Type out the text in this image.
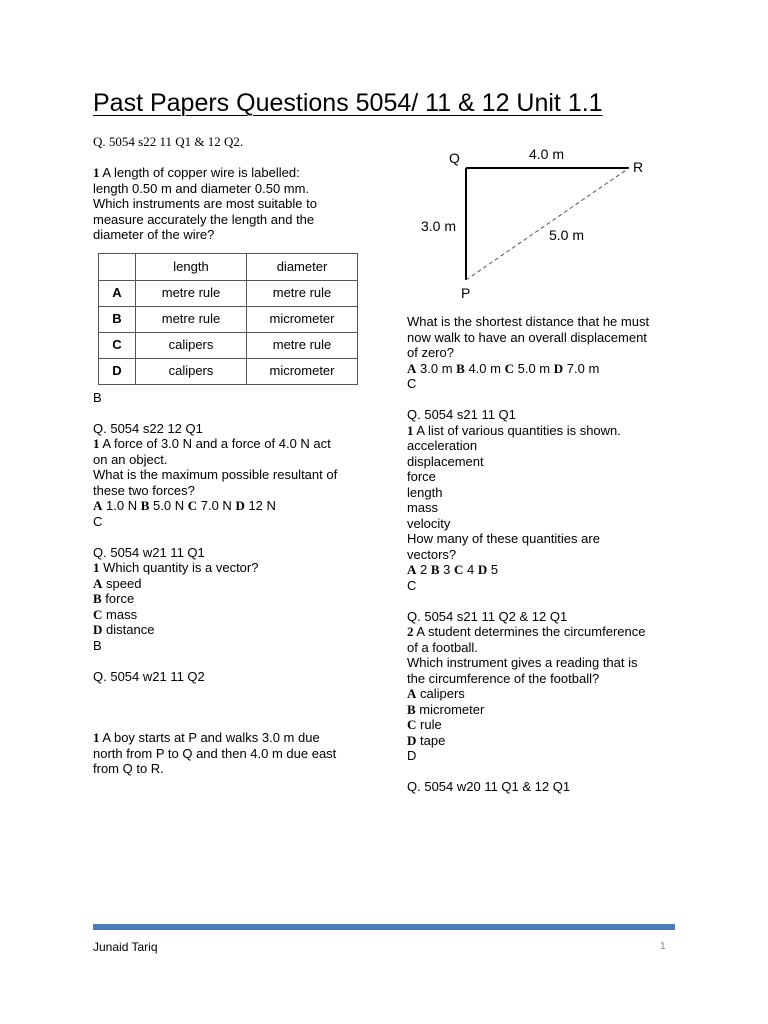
Past Papers Questions 5054/ 11 & 12 Unit 1.1
Q. 5054 s22 11 Q1 & 12 Q2.
1 A length of copper wire is labelled:
length 0.50 m and diameter 0.50 mm.
Which instruments are most suitable to
measure accurately the length and the
diameter of the wire?
	length	diameter
A	metre rule	metre rule
B	metre rule	micrometer
C	calipers	metre rule
D	calipers	micrometer
B
Q. 5054 s22 12 Q1
1 A force of 3.0 N and a force of 4.0 N act
on an object.
What is the maximum possible resultant of
these two forces?
A 1.0 N B 5.0 N C 7.0 N D 12 N
C
Q. 5054 w21 11 Q1
1 Which quantity is a vector?
A speed
B force
C mass
D distance
B
Q. 5054 w21 11 Q2
1 A boy starts at P and walks 3.0 m due
north from P to Q and then 4.0 m due east
from Q to R.
Q
R
P
4.0 m
3.0 m
5.0 m
What is the shortest distance that he must
now walk to have an overall displacement
of zero?
A 3.0 m B 4.0 m C 5.0 m D 7.0 m
C
Q. 5054 s21 11 Q1
1 A list of various quantities is shown.
acceleration
displacement
force
length
mass
velocity
How many of these quantities are
vectors?
A 2 B 3 C 4 D 5
C
Q. 5054 s21 11 Q2 & 12 Q1
2 A student determines the circumference
of a football.
Which instrument gives a reading that is
the circumference of the football?
A calipers
B micrometer
C rule
D tape
D
Q. 5054 w20 11 Q1 & 12 Q1
Junaid Tariq	1
